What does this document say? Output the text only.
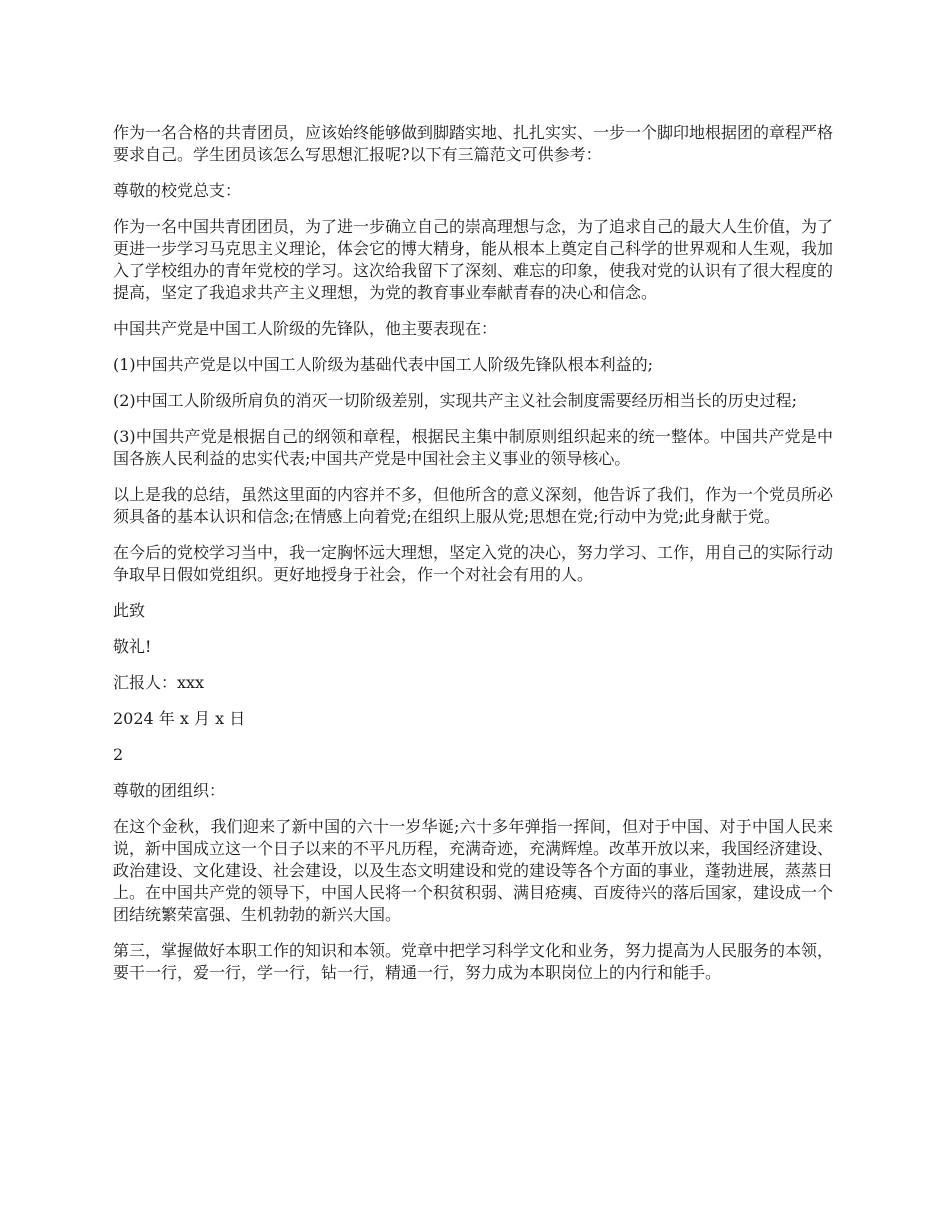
作为一名合格的共青团员，应该始终能够做到脚踏实地、扎扎实实、一步一个脚印地根据团的章程严格要求自己。学生团员该怎么写思想汇报呢?以下有三篇范文可供参考：

尊敬的校党总支：

作为一名中国共青团团员，为了进一步确立自己的崇高理想与念，为了追求自己的最大人生价值，为了更进一步学习马克思主义理论，体会它的博大精身，能从根本上奠定自己科学的世界观和人生观，我加入了学校组办的青年党校的学习。这次给我留下了深刻、难忘的印象，使我对党的认识有了很大程度的提高，坚定了我追求共产主义理想，为党的教育事业奉献青春的决心和信念。

中国共产党是中国工人阶级的先锋队，他主要表现在：

(1)中国共产党是以中国工人阶级为基础代表中国工人阶级先锋队根本利益的;

(2)中国工人阶级所肩负的消灭一切阶级差别，实现共产主义社会制度需要经历相当长的历史过程;

(3)中国共产党是根据自己的纲领和章程，根据民主集中制原则组织起来的统一整体。中国共产党是中国各族人民利益的忠实代表;中国共产党是中国社会主义事业的领导核心。

以上是我的总结，虽然这里面的内容并不多，但他所含的意义深刻，他告诉了我们，作为一个党员所必须具备的基本认识和信念;在情感上向着党;在组织上服从党;思想在党;行动中为党;此身献于党。

在今后的党校学习当中，我一定胸怀远大理想，坚定入党的决心，努力学习、工作，用自己的实际行动争取早日假如党组织。更好地授身于社会，作一个对社会有用的人。

此致

敬礼!

汇报人：xxx

2024 年 x 月 x 日

2

尊敬的团组织：

在这个金秋，我们迎来了新中国的六十一岁华诞;六十多年弹指一挥间，但对于中国、对于中国人民来说，新中国成立这一个日子以来的不平凡历程，充满奇迹，充满辉煌。改革开放以来，我国经济建设、政治建设、文化建设、社会建设，以及生态文明建设和党的建设等各个方面的事业，蓬勃进展，蒸蒸日上。在中国共产党的领导下，中国人民将一个积贫积弱、满目疮痍、百废待兴的落后国家，建设成一个团结统繁荣富强、生机勃勃的新兴大国。

第三，掌握做好本职工作的知识和本领。党章中把学习科学文化和业务，努力提高为人民服务的本领，要干一行，爱一行，学一行，钻一行，精通一行，努力成为本职岗位上的内行和能手。
